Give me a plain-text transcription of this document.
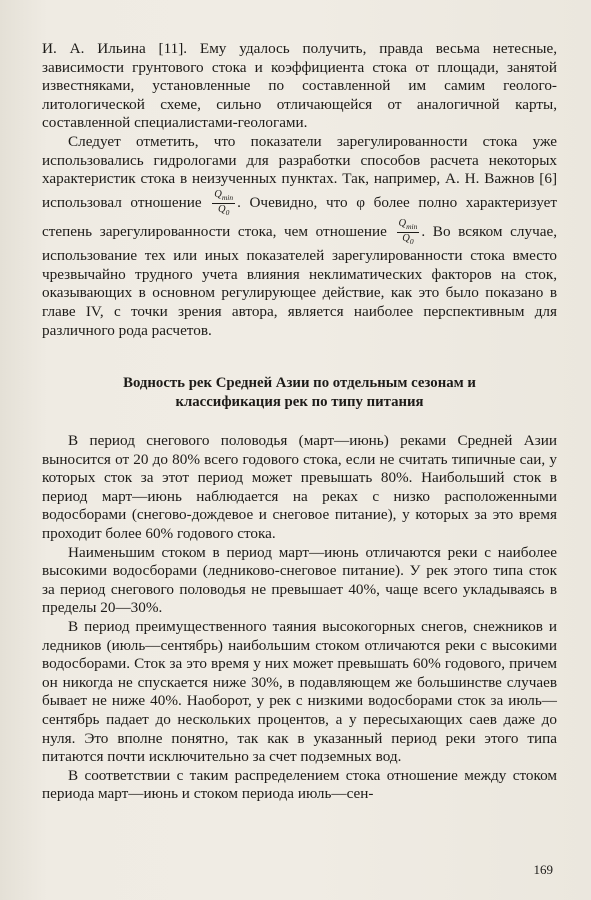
И. А. Ильина [11]. Ему удалось получить, правда весьма нетесные, зависимости грунтового стока и коэффициента стока от площади, занятой известняками, установленные по составленной им самим геолого-литологической схеме, сильно отличающейся от аналогичной карты, составленной специалистами-геологами.

Следует отметить, что показатели зарегулированности стока уже использовались гидрологами для разработки способов расчета некоторых характеристик стока в неизученных пунктах. Так, например, А. Н. Важнов [6] использовал отношение $\frac{Q_{min}}{Q_0}$ . Очевидно, что φ более полно характеризует степень зарегулированности стока, чем отношение $\frac{Q_{min}}{Q_0}$ . Во всяком случае, использование тех или иных показателей зарегулированности стока вместо чрезвычайно трудного учета влияния неклиматических факторов на сток, оказывающих в основном регулирующее действие, как это было показано в главе IV, с точки зрения автора, является наиболее перспективным для различного рода расчетов.

Водность рек Средней Азии по отдельным сезонам и
классификация рек по типу питания

В период снегового половодья (март—июнь) реками Средней Азии выносится от 20 до 80% всего годового стока, если не считать типичные саи, у которых сток за этот период может превышать 80%. Наибольший сток в период март—июнь наблюдается на реках с низко расположенными водосборами (снегово-дождевое и снеговое питание), у которых за это время проходит более 60% годового стока.

Наименьшим стоком в период март—июнь отличаются реки с наиболее высокими водосборами (ледниково-снеговое питание). У рек этого типа сток за период снегового половодья не превышает 40%, чаще всего укладываясь в пределы 20—30%.

В период преимущественного таяния высокогорных снегов, снежников и ледников (июль—сентябрь) наибольшим стоком отличаются реки с высокими водосборами. Сток за это время у них может превышать 60% годового, причем он никогда не спускается ниже 30%, в подавляющем же большинстве случаев бывает не ниже 40%. Наоборот, у рек с низкими водосборами сток за июль—сентябрь падает до нескольких процентов, а у пересыхающих саев даже до нуля. Это вполне понятно, так как в указанный период реки этого типа питаются почти исключительно за счет подземных вод.

В соответствии с таким распределением стока отношение между стоком периода март—июнь и стоком периода июль—сен-

169
